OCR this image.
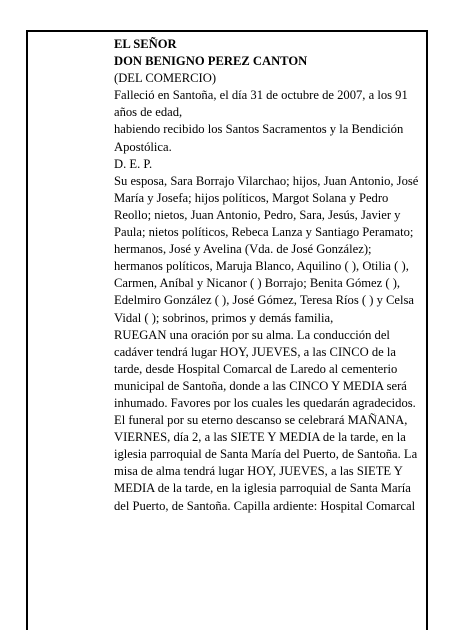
EL SEÑOR

DON BENIGNO PEREZ CANTON

(DEL COMERCIO)

Falleció en Santoña, el día 31 de octubre de 2007, a los 91 años de edad,

habiendo recibido los Santos Sacramentos y la Bendición Apostólica.

D. E. P.

Su esposa, Sara Borrajo Vilarchao; hijos, Juan Antonio, José María y Josefa; hijos políticos, Margot Solana y Pedro Reollo; nietos, Juan Antonio, Pedro, Sara, Jesús, Javier y Paula; nietos políticos, Rebeca Lanza y Santiago Peramato; hermanos, José y Avelina (Vda. de José González); hermanos políticos, Maruja Blanco, Aquilino ( ), Otilia ( ), Carmen, Aníbal y Nicanor ( ) Borrajo; Benita Gómez ( ), Edelmiro González ( ), José Gómez, Teresa Ríos ( ) y Celsa Vidal ( ); sobrinos, primos y demás familia,

RUEGAN una oración por su alma. La conducción del cadáver tendrá lugar HOY, JUEVES, a las CINCO de la tarde, desde Hospital Comarcal de Laredo al cementerio municipal de Santoña, donde a las CINCO Y MEDIA será inhumado. Favores por los cuales les quedarán agradecidos. El funeral por su eterno descanso se celebrará MAÑANA, VIERNES, día 2, a las SIETE Y MEDIA de la tarde, en la iglesia parroquial de Santa María del Puerto, de Santoña. La misa de alma tendrá lugar HOY, JUEVES, a las SIETE Y MEDIA de la tarde, en la iglesia parroquial de Santa María del Puerto, de Santoña. Capilla ardiente: Hospital Comarcal
